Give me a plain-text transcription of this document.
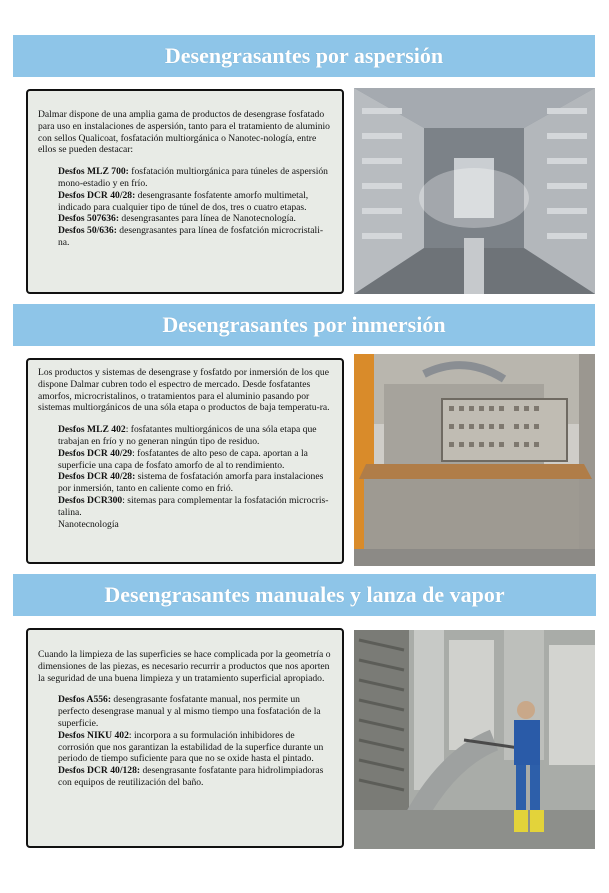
Desengrasantes por aspersión

Dalmar dispone de una amplia gama de productos de desengrase fosfatado para uso en instalaciones de aspersión, tanto para el tratamiento de aluminio con sellos Qualicoat, fosfatación multiorgánica o Nanotec-nología, entre ellos se pueden destacar:

Desfos MLZ 700: fosfatación multiorgánica para túneles de aspersión mono-estadio y en frío.
Desfos DCR 40/28: desengrasante fosfatente amorfo multimetal, indicado para cualquier tipo de túnel de dos, tres o cuatro etapas.
Desfos 507636: desengrasantes para línea de Nanotecnología.
Desfos 50/636: desengrasantes para línea de fosfatción microcristali-na.
Desengrasantes por inmersión

Los productos y sistemas de desengrase y fosfatdo por inmersión de los que dispone Dalmar cubren todo el espectro de mercado. Desde fosfatantes amorfos, microcristalinos, o tratamientos para el aluminio pasando por sistemas multiorgánicos de una sóla etapa o productos de baja temperatu-ra.

Desfos MLZ 402: fosfatantes multiorgánicos de una sóla etapa que trabajan en frío y no generan ningún tipo de residuo.
Desfos DCR 40/29: fosfatantes de alto peso de capa. aportan a la superficie una capa de fosfato amorfo de al to rendimiento.
Desfos DCR 40/28: sistema de fosfatación amorfa para instalaciones por inmersión, tanto en caliente como en frió.
Desfos DCR300: sitemas para complementar la fosfatación microcris-talina.
Nanotecnología
Desengrasantes manuales y lanza de vapor

Cuando la limpieza de las superficies se hace complicada por la geometría o dimensiones de las piezas, es necesario recurrir a productos que nos aporten la seguridad de una buena limpieza y un tratamiento superficial apropiado.

Desfos A556: desengrasante fosfatante manual, nos permite un perfecto desengrase manual y al mismo tiempo una fosfatación de la superficie.
Desfos NIKU 402: incorpora a su formulación inhibidores de corrosión que nos garantizan la estabilidad de la superfice durante un periodo de tiempo suficiente para que no se oxide hasta el pintado.
Desfos DCR 40/128: desengrasante fosfatante para hidrolimpiadoras con equipos de reutilización del baño.
